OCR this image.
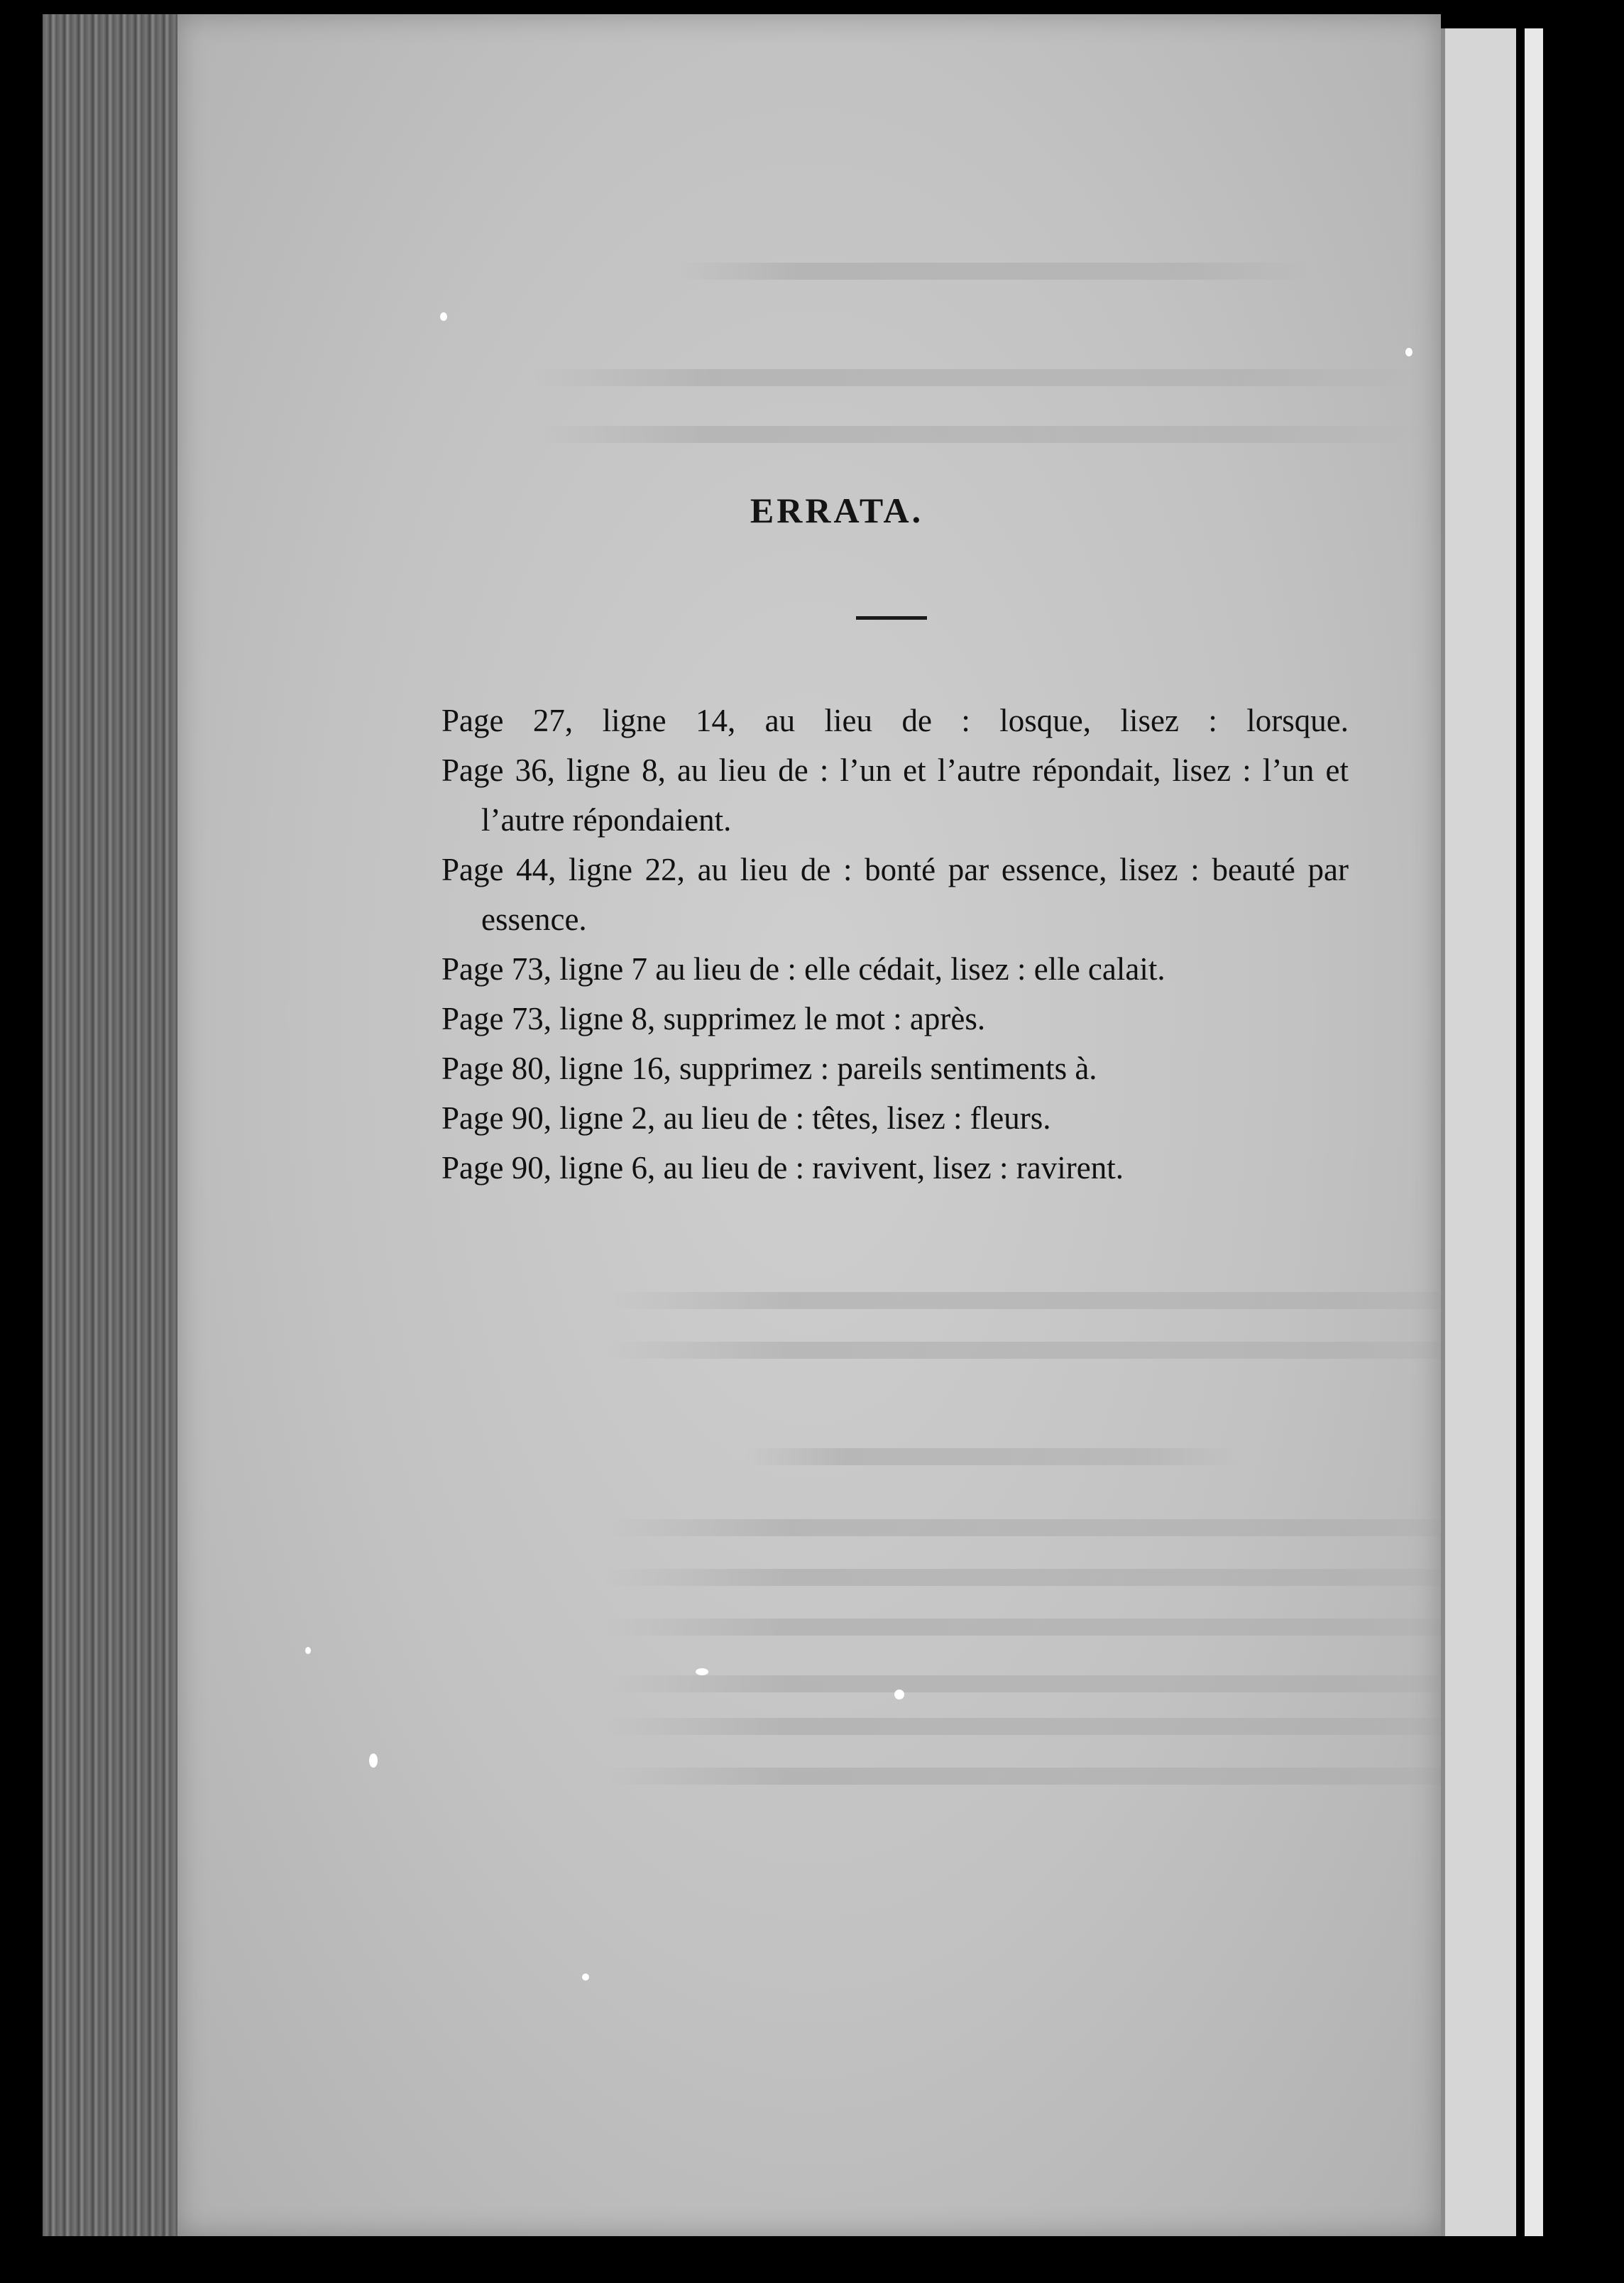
ERRATA.
Page 27, ligne 14, au lieu de : losque, lisez : lorsque.
Page 36, ligne 8, au lieu de : l’un et l’autre répondait, lisez : l’un et l’autre répondaient.
Page 44, ligne 22, au lieu de : bonté par essence, lisez : beauté par essence.
Page 73, ligne 7 au lieu de : elle cédait, lisez : elle calait.
Page 73, ligne 8, supprimez le mot : après.
Page 80, ligne 16, supprimez : pareils sentiments à.
Page 90, ligne 2, au lieu de : têtes, lisez : fleurs.
Page 90, ligne 6, au lieu de : ravivent, lisez : ravirent.
